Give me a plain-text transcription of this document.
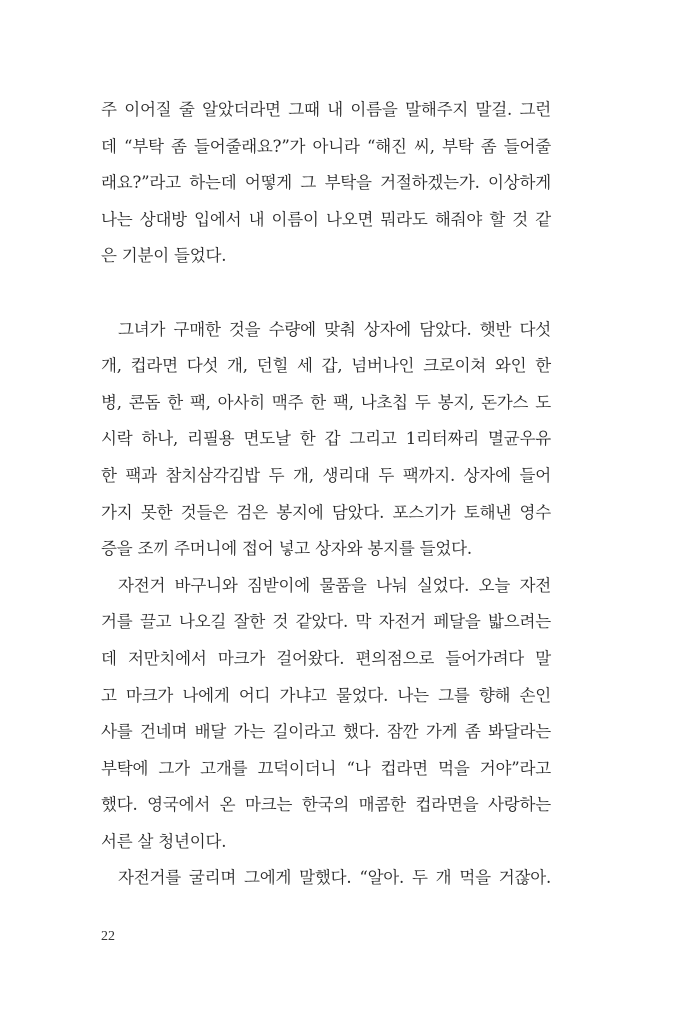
주 이어질 줄 알았더라면 그때 내 이름을 말해주지 말걸. 그런
데 “부탁 좀 들어줄래요?”가 아니라 “해진 씨, 부탁 좀 들어줄
래요?”라고 하는데 어떻게 그 부탁을 거절하겠는가. 이상하게
나는 상대방 입에서 내 이름이 나오면 뭐라도 해줘야 할 것 같
은 기분이 들었다.
그녀가 구매한 것을 수량에 맞춰 상자에 담았다. 햇반 다섯
개, 컵라면 다섯 개, 던힐 세 갑, 넘버나인 크로이쳐 와인 한
병, 콘돔 한 팩, 아사히 맥주 한 팩, 나초칩 두 봉지, 돈가스 도
시락 하나, 리필용 면도날 한 갑 그리고 1리터짜리 멸균우유
한 팩과 참치삼각김밥 두 개, 생리대 두 팩까지. 상자에 들어
가지 못한 것들은 검은 봉지에 담았다. 포스기가 토해낸 영수
증을 조끼 주머니에 접어 넣고 상자와 봉지를 들었다.
자전거 바구니와 짐받이에 물품을 나눠 실었다. 오늘 자전
거를 끌고 나오길 잘한 것 같았다. 막 자전거 페달을 밟으려는
데 저만치에서 마크가 걸어왔다. 편의점으로 들어가려다 말
고 마크가 나에게 어디 가냐고 물었다. 나는 그를 향해 손인
사를 건네며 배달 가는 길이라고 했다. 잠깐 가게 좀 봐달라는
부탁에 그가 고개를 끄덕이더니 “나 컵라면 먹을 거야”라고
했다. 영국에서 온 마크는 한국의 매콤한 컵라면을 사랑하는
서른 살 청년이다.
자전거를 굴리며 그에게 말했다. “알아. 두 개 먹을 거잖아.
22
